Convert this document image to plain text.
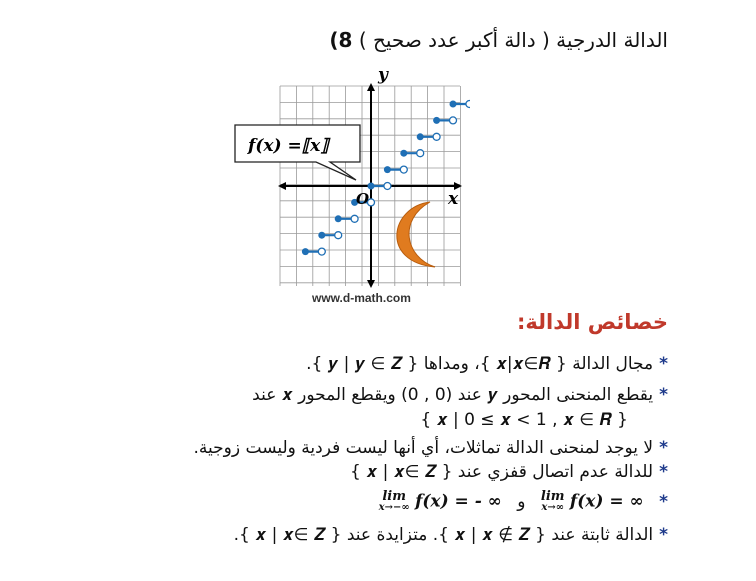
الدالة الدرجية ( دالة أكبر عدد صحيح ) 8)
x
y
O
f(x) =⟦x⟧
www.d-math.com
خصائص الدالة:
*مجال الدالة { 𝒙|𝒙∈𝑹 }، ومداها { 𝒚 | 𝒚 ∈ 𝒁 }.
*يقطع المنحنى المحور 𝒚 عند (0 , 0) ويقطع المحور 𝒙 عند
{ 𝒙 | 0 ≤ 𝒙 < 1 , 𝒙 ∈ 𝑹 }
*لا يوجد لمنحنى الدالة تماثلات، أي أنها ليست فردية وليست زوجية.
*للدالة عدم اتصال قفزي عند { 𝒙 | 𝒙∈ 𝒁 }
lim
x→−∞ f(x) = - ∞ و lim
x→∞ f(x) = ∞ *
*الدالة ثابتة عند { 𝒙 | 𝒙 ∉ 𝒁 }. متزايدة عند { 𝒙 | 𝒙∈ 𝒁 }.
